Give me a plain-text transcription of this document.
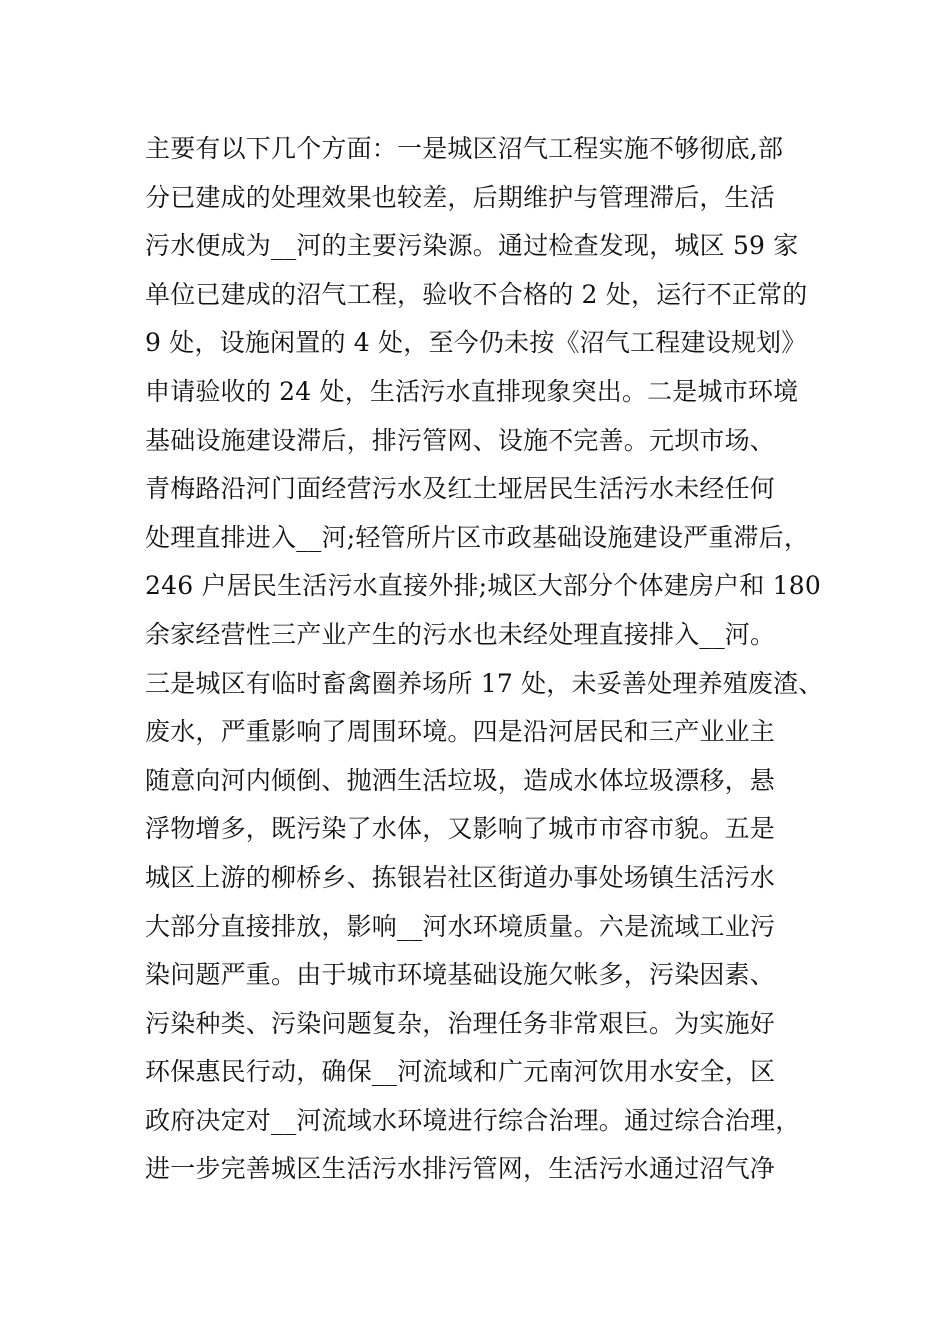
主要有以下几个方面：一是城区沼气工程实施不够彻底,部
分已建成的处理效果也较差，后期维护与管理滞后，生活
污水便成为__河的主要污染源。通过检查发现，城区 59 家
单位已建成的沼气工程，验收不合格的 2 处，运行不正常的
9 处，设施闲置的 4 处，至今仍未按《沼气工程建设规划》
申请验收的 24 处，生活污水直排现象突出。二是城市环境
基础设施建设滞后，排污管网、设施不完善。元坝市场、
青梅路沿河门面经营污水及红土垭居民生活污水未经任何
处理直排进入__河;轻管所片区市政基础设施建设严重滞后，
246 户居民生活污水直接外排;城区大部分个体建房户和 180
余家经营性三产业产生的污水也未经处理直接排入__河。
三是城区有临时畜禽圈养场所 17 处，未妥善处理养殖废渣、
废水，严重影响了周围环境。四是沿河居民和三产业业主
随意向河内倾倒、抛洒生活垃圾，造成水体垃圾漂移，悬
浮物增多，既污染了水体，又影响了城市市容市貌。五是
城区上游的柳桥乡、拣银岩社区街道办事处场镇生活污水
大部分直接排放，影响__河水环境质量。六是流域工业污
染问题严重。由于城市环境基础设施欠帐多，污染因素、
污染种类、污染问题复杂，治理任务非常艰巨。为实施好
环保惠民行动，确保__河流域和广元南河饮用水安全，区
政府决定对__河流域水环境进行综合治理。通过综合治理，
进一步完善城区生活污水排污管网，生活污水通过沼气净
